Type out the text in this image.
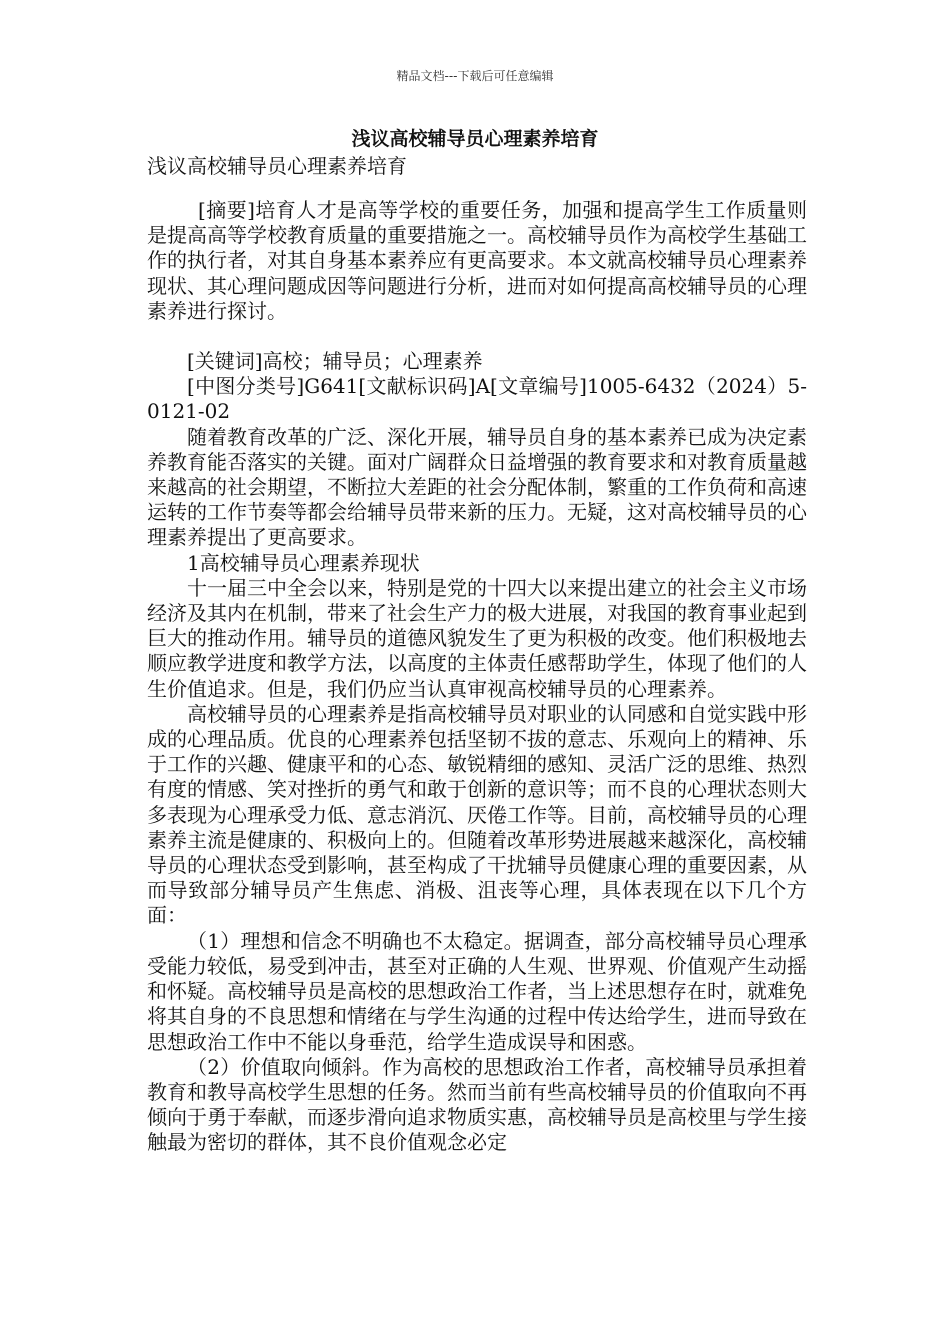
精品文档---下载后可任意编辑
浅议高校辅导员心理素养培育
浅议高校辅导员心理素养培育

[摘要]培育人才是高等学校的重要任务，加强和提高学生工作质量则是提高高等学校教育质量的重要措施之一。高校辅导员作为高校学生基础工作的执行者，对其自身基本素养应有更高要求。本文就高校辅导员心理素养现状、其心理问题成因等问题进行分析，进而对如何提高高校辅导员的心理素养进行探讨。

[关键词]高校；辅导员；心理素养

[中图分类号]G641[文献标识码]A[文章编号]1005-6432（2024）5-0121-02

随着教育改革的广泛、深化开展，辅导员自身的基本素养已成为决定素养教育能否落实的关键。面对广阔群众日益增强的教育要求和对教育质量越来越高的社会期望，不断拉大差距的社会分配体制，繁重的工作负荷和高速运转的工作节奏等都会给辅导员带来新的压力。无疑，这对高校辅导员的心理素养提出了更高要求。

1高校辅导员心理素养现状

十一届三中全会以来，特别是党的十四大以来提出建立的社会主义市场经济及其内在机制，带来了社会生产力的极大进展，对我国的教育事业起到巨大的推动作用。辅导员的道德风貌发生了更为积极的改变。他们积极地去顺应教学进度和教学方法，以高度的主体责任感帮助学生，体现了他们的人生价值追求。但是，我们仍应当认真审视高校辅导员的心理素养。

高校辅导员的心理素养是指高校辅导员对职业的认同感和自觉实践中形成的心理品质。优良的心理素养包括坚韧不拔的意志、乐观向上的精神、乐于工作的兴趣、健康平和的心态、敏锐精细的感知、灵活广泛的思维、热烈有度的情感、笑对挫折的勇气和敢于创新的意识等；而不良的心理状态则大多表现为心理承受力低、意志消沉、厌倦工作等。目前，高校辅导员的心理素养主流是健康的、积极向上的。但随着改革形势进展越来越深化，高校辅导员的心理状态受到影响，甚至构成了干扰辅导员健康心理的重要因素，从而导致部分辅导员产生焦虑、消极、沮丧等心理，具体表现在以下几个方面：

（1）理想和信念不明确也不太稳定。据调查，部分高校辅导员心理承受能力较低，易受到冲击，甚至对正确的人生观、世界观、价值观产生动摇和怀疑。高校辅导员是高校的思想政治工作者，当上述思想存在时，就难免将其自身的不良思想和情绪在与学生沟通的过程中传达给学生，进而导致在思想政治工作中不能以身垂范，给学生造成误导和困惑。

（2）价值取向倾斜。作为高校的思想政治工作者，高校辅导员承担着教育和教导高校学生思想的任务。然而当前有些高校辅导员的价值取向不再倾向于勇于奉献，而逐步滑向追求物质实惠，高校辅导员是高校里与学生接触最为密切的群体，其不良价值观念必定
